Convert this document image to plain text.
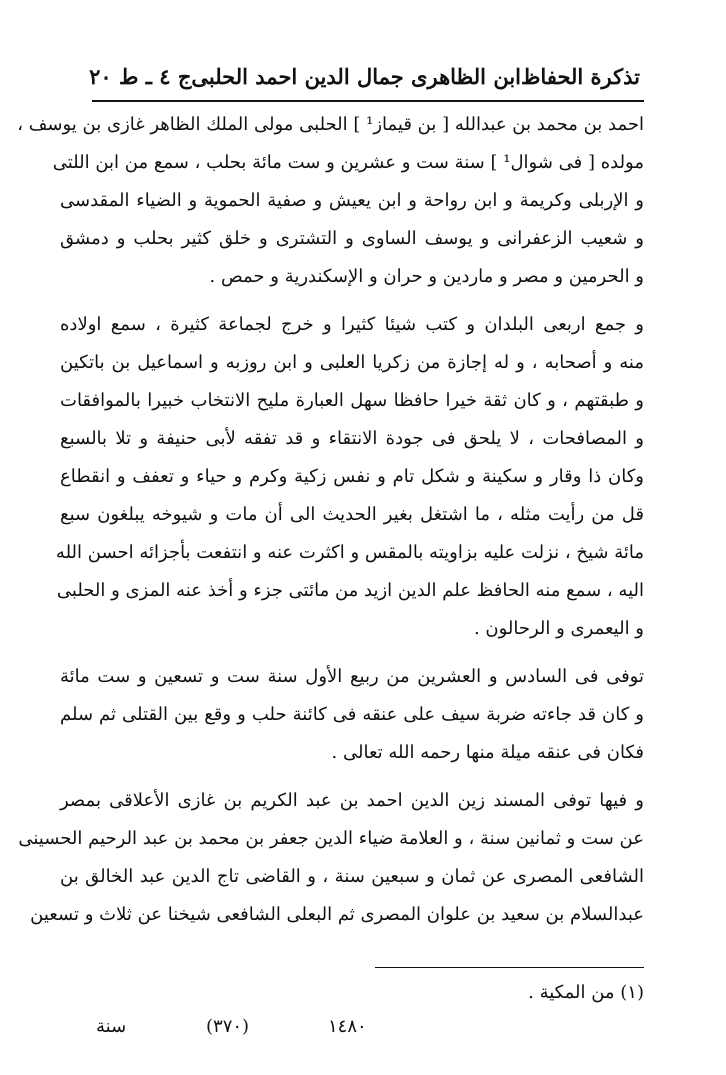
تذكرة الحفاظ
ابن الظاهرى جمال الدين احمد الحلبى
ج ٤ ـ ط ٢٠
احمد بن محمد بن عبدالله [ بن قيماز¹ ] الحلبى مولى الملك الظاهر غازى بن يوسف ،
مولده [ فى شوال¹ ] سنة ست و عشرين و ست مائة بحلب ، سمع من ابن اللتى
و الإربلى وكريمة و ابن رواحة و ابن يعيش و صفية الحموية و الضياء المقدسى
و شعيب الزعفرانى و يوسف الساوى و التشترى و خلق كثير بحلب و دمشق
و الحرمين و مصر و ماردين و حران و الإسكندرية و حمص .
و جمع اربعى البلدان و كتب شيئا كثيرا و خرج لجماعة كثيرة ، سمع اولاده
منه و أصحابه ، و له إجازة من زكريا العلبى و ابن روزبه و اسماعيل بن باتكين
و طبقتهم ، و كان ثقة خيرا حافظا سهل العبارة مليح الانتخاب خبيرا بالموافقات
و المصافحات ، لا يلحق فى جودة الانتقاء و قد تفقه لأبى حنيفة و تلا بالسبع
وكان ذا وقار و سكينة و شكل تام و نفس زكية وكرم و حياء و تعفف و انقطاع
قل من رأيت مثله ، ما اشتغل بغير الحديث الى أن مات و شيوخه يبلغون سبع
مائة شيخ ، نزلت عليه بزاويته بالمقس و اكثرت عنه و انتفعت بأجزائه احسن الله
اليه ، سمع منه الحافظ علم الدين ازيد من مائتى جزء و أخذ عنه المزى و الحلبى
و اليعمرى و الرحالون .
توفى فى السادس و العشرين من ربيع الأول سنة ست و تسعين و ست مائة
و كان قد جاءته ضربة سيف على عنقه فى كائنة حلب و وقع بين القتلى ثم سلم
فكان فى عنقه ميلة منها رحمه الله تعالى .
و فيها توفى المسند زين الدين احمد بن عبد الكريم بن غازى الأعلاقى بمصر
عن ست و ثمانين سنة ، و العلامة ضياء الدين جعفر بن محمد بن عبد الرحيم الحسينى
الشافعى المصرى عن ثمان و سبعين سنة ، و القاضى تاج الدين عبد الخالق بن
عبدالسلام بن سعيد بن علوان المصرى ثم البعلى الشافعى شيخنا عن ثلاث و تسعين
(١) من المكية .
سنة	(٣٧٠)	١٤٨٠
